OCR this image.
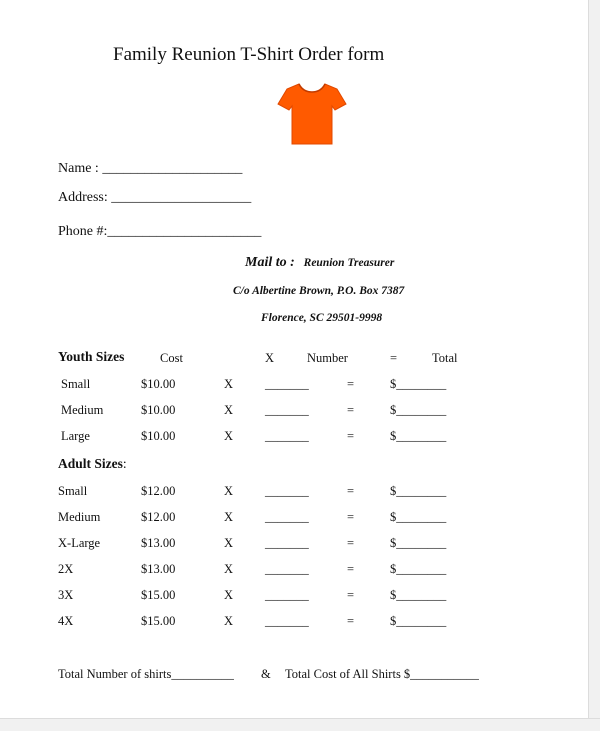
Family Reunion T-Shirt Order form
Name : ____________________
Address: ____________________
Phone #:______________________
Mail to : Reunion Treasurer
C/o Albertine Brown, P.O. Box 7387
Florence, SC 29501-9998
Youth Sizes	Cost	X	Number	=	Total
Small	$10.00	X	_______	=	$________
Medium	$10.00	X	_______	=	$________
Large	$10.00	X	_______	=	$________
Adult Sizes:
Small	$12.00	X	_______	=	$________
Medium	$12.00	X	_______	=	$________
X-Large	$13.00	X	_______	=	$________
2X	$13.00	X	_______	=	$________
3X	$15.00	X	_______	=	$________
4X	$15.00	X	_______	=	$________
Total Number of shirts__________ & Total Cost of All Shirts $___________
